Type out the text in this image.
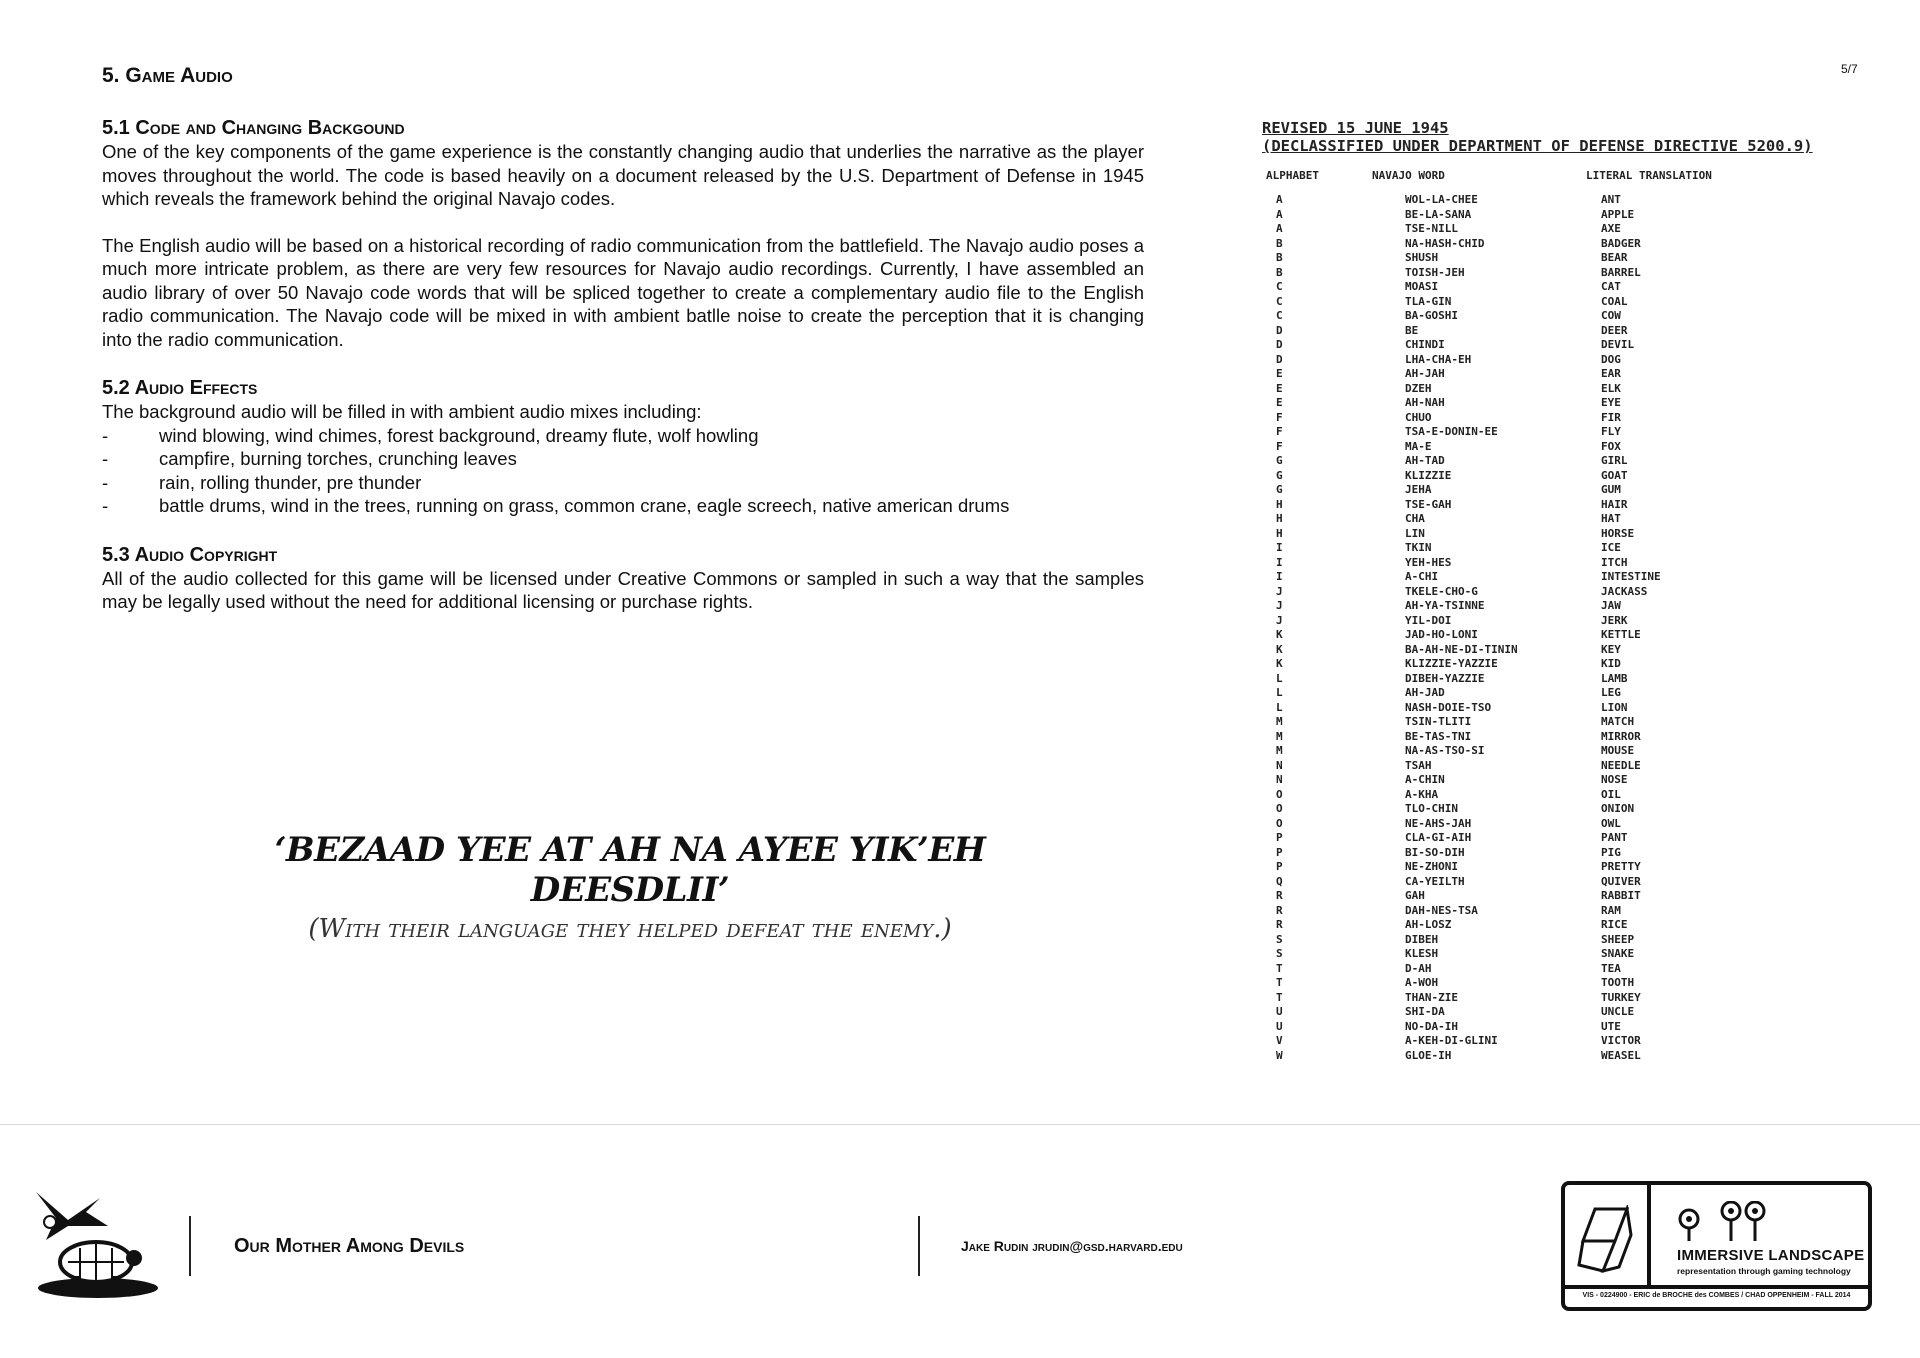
5. Game Audio
5.1 Code and Changing Backgound

One of the key components of the game experience is the constantly changing audio that underlies the narrative as the player moves throughout the world. The code is based heavily on a document released by the U.S. Department of Defense in 1945 which reveals the framework behind the original Navajo codes.

The English audio will be based on a historical recording of radio communication from the battlefield. The Navajo audio poses a much more intricate problem, as there are very few resources for Navajo audio recordings. Currently, I have assembled an audio library of over 50 Navajo code words that will be spliced together to create a complementary audio file to the English radio communication. The Navajo code will be mixed in with ambient batlle noise to create the perception that it is changing into the radio communication.

5.2 Audio Effects

The background audio will be filled in with ambient audio mixes including:

-	wind blowing, wind chimes, forest background, dreamy flute, wolf howling
-	campfire, burning torches, crunching leaves
-	rain, rolling thunder, pre thunder
-	battle drums, wind in the trees, running on grass, common crane, eagle screech, native american drums
5.3 Audio Copyright

All of the audio collected for this game will be licensed under Creative Commons or sampled in such a way that the samples may be legally used without the need for additional licensing or purchase rights.

‘BEZAAD YEE AT AH NA AYEE YIK’EH DEESDLII’
(With their language they helped defeat the enemy.)
5/7
REVISED 15 JUNE 1945
(DECLASSIFIED UNDER DEPARTMENT OF DEFENSE DIRECTIVE 5200.9)
ALPHABET	NAVAJO WORD	LITERAL TRANSLATION
A	WOL-LA-CHEE	ANT
A	BE-LA-SANA	APPLE
A	TSE-NILL	AXE
B	NA-HASH-CHID	BADGER
B	SHUSH	BEAR
B	TOISH-JEH	BARREL
C	MOASI	CAT
C	TLA-GIN	COAL
C	BA-GOSHI	COW
D	BE	DEER
D	CHINDI	DEVIL
D	LHA-CHA-EH	DOG
E	AH-JAH	EAR
E	DZEH	ELK
E	AH-NAH	EYE
F	CHUO	FIR
F	TSA-E-DONIN-EE	FLY
F	MA-E	FOX
G	AH-TAD	GIRL
G	KLIZZIE	GOAT
G	JEHA	GUM
H	TSE-GAH	HAIR
H	CHA	HAT
H	LIN	HORSE
I	TKIN	ICE
I	YEH-HES	ITCH
I	A-CHI	INTESTINE
J	TKELE-CHO-G	JACKASS
J	AH-YA-TSINNE	JAW
J	YIL-DOI	JERK
K	JAD-HO-LONI	KETTLE
K	BA-AH-NE-DI-TININ	KEY
K	KLIZZIE-YAZZIE	KID
L	DIBEH-YAZZIE	LAMB
L	AH-JAD	LEG
L	NASH-DOIE-TSO	LION
M	TSIN-TLITI	MATCH
M	BE-TAS-TNI	MIRROR
M	NA-AS-TSO-SI	MOUSE
N	TSAH	NEEDLE
N	A-CHIN	NOSE
O	A-KHA	OIL
O	TLO-CHIN	ONION
O	NE-AHS-JAH	OWL
P	CLA-GI-AIH	PANT
P	BI-SO-DIH	PIG
P	NE-ZHONI	PRETTY
Q	CA-YEILTH	QUIVER
R	GAH	RABBIT
R	DAH-NES-TSA	RAM
R	AH-LOSZ	RICE
S	DIBEH	SHEEP
S	KLESH	SNAKE
T	D-AH	TEA
T	A-WOH	TOOTH
T	THAN-ZIE	TURKEY
U	SHI-DA	UNCLE
U	NO-DA-IH	UTE
V	A-KEH-DI-GLINI	VICTOR
W	GLOE-IH	WEASEL
Our Mother Among Devils	Jake Rudin jrudin@gsd.harvard.edu
IMMERSIVE LANDSCAPE
representation through gaming technology
VIS - 0224900 - ERIC de BROCHE des COMBES / CHAD OPPENHEIM - FALL 2014
